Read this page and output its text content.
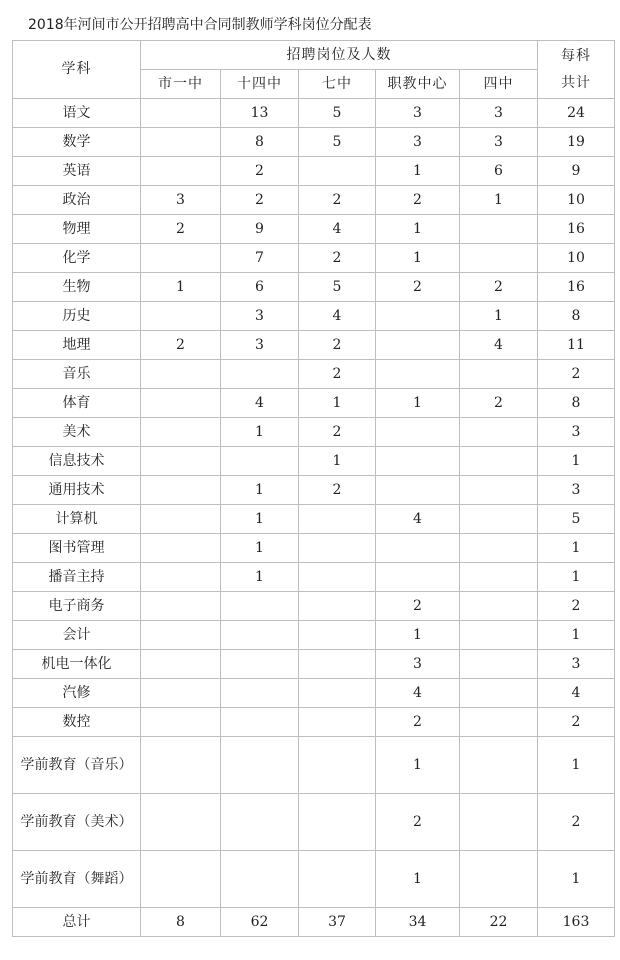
2018年河间市公开招聘高中合同制教师学科岗位分配表
学科	招聘岗位及人数					每科
共计

	市一中	十四中	七中	职教中心	四中	
语文		13	5	3	3	24
数学		8	5	3	3	19
英语		2		1	6	9
政治	3	2	2	2	1	10
物理	2	9	4	1		16
化学		7	2	1		10
生物	1	6	5	2	2	16
历史		3	4		1	8
地理	2	3	2		4	11
音乐			2			2
体育		4	1	1	2	8
美术		1	2			3
信息技术			1			1
通用技术		1	2			3
计算机		1		4		5
图书管理		1				1
播音主持		1				1
电子商务				2		2
会计				1		1
机电一体化				3		3
汽修				4		4
数控				2		2
学前教育（音乐）				1		1
学前教育（美术）				2		2
学前教育（舞蹈）				1		1
总计	8	62	37	34	22	163
